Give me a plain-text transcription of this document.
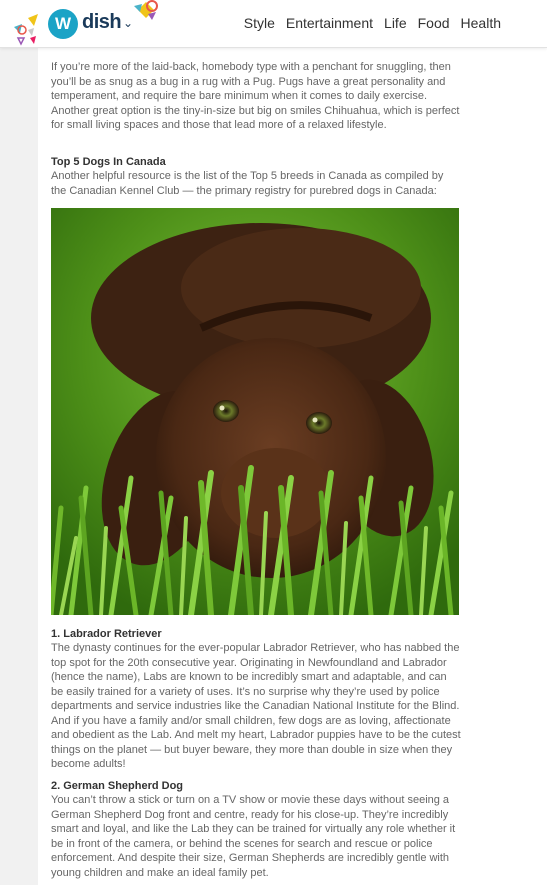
W dish ⌄	Style Entertainment Life Food Health

If you’re more of the laid-back, homebody type with a penchant for snuggling, then you’ll be as snug as a bug in a rug with a Pug. Pugs have a great personality and temperament, and require the bare minimum when it comes to daily exercise. Another great option is the tiny-in-size but big on smiles Chihuahua, which is perfect for small living spaces and those that lead more of a relaxed lifestyle.

Top 5 Dogs In Canada

Another helpful resource is the list of the Top 5 breeds in Canada as compiled by the Canadian Kennel Club — the primary registry for purebred dogs in Canada:

1. Labrador Retriever

The dynasty continues for the ever-popular Labrador Retriever, who has nabbed the top spot for the 20th consecutive year. Originating in Newfoundland and Labrador (hence the name), Labs are known to be incredibly smart and adaptable, and can be easily trained for a variety of uses. It’s no surprise why they’re used by police departments and service industries like the Canadian National Institute for the Blind. And if you have a family and/or small children, few dogs are as loving, affectionate and obedient as the Lab. And melt my heart, Labrador puppies have to be the cutest things on the planet — but buyer beware, they more than double in size when they become adults!

2. German Shepherd Dog

You can’t throw a stick or turn on a TV show or movie these days without seeing a German Shepherd Dog front and centre, ready for his close-up. They’re incredibly smart and loyal, and like the Lab they can be trained for virtually any role whether it be in front of the camera, or behind the scenes for search and rescue or police enforcement. And despite their size, German Shepherds are incredibly gentle with young children and make an ideal family pet.
